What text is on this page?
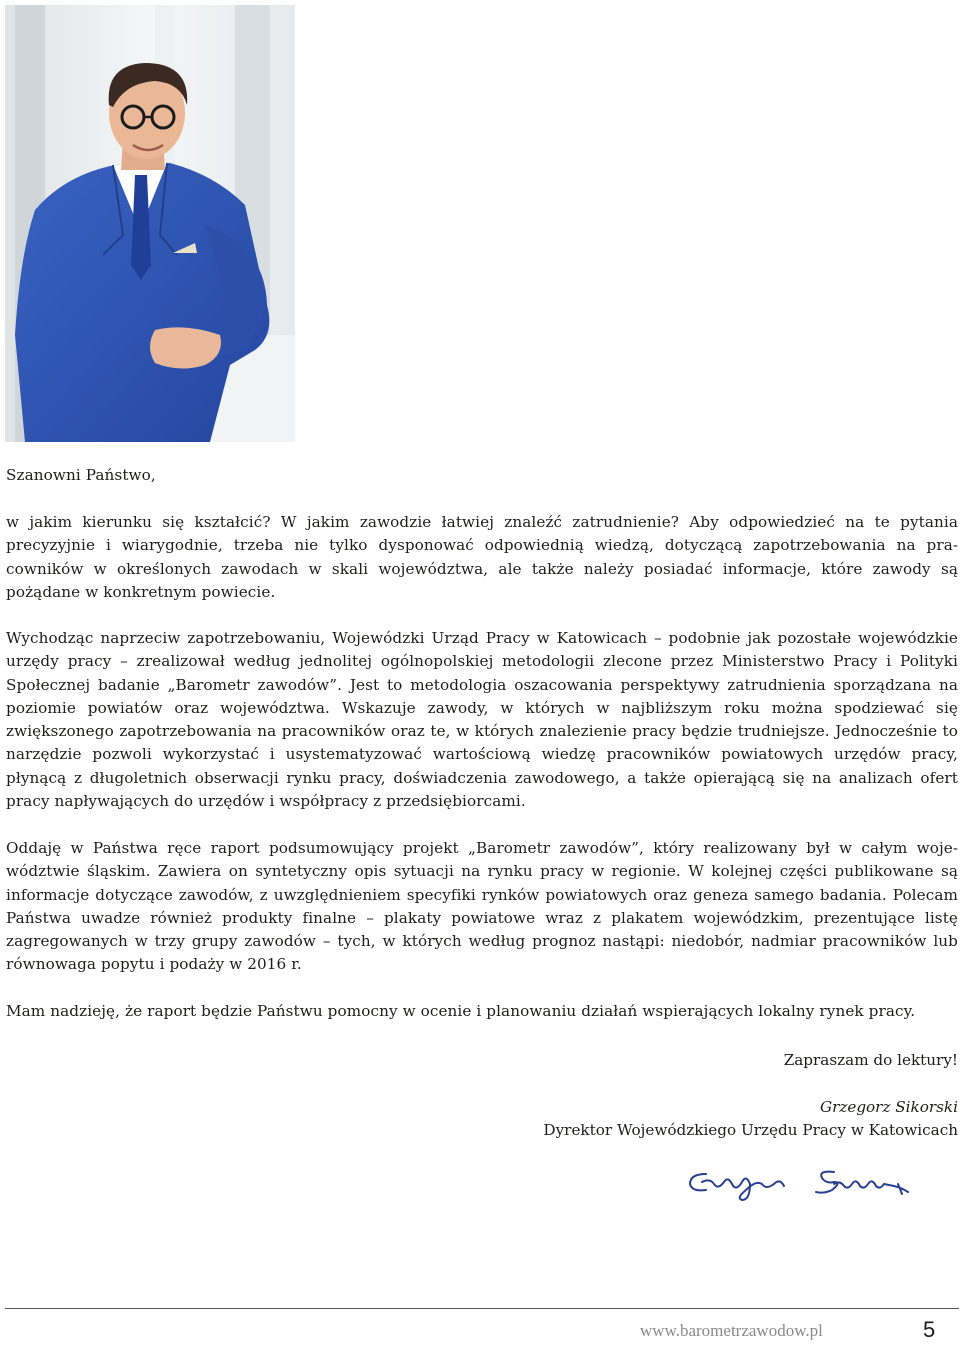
Szanowni Państwo,

w jakim kierunku się kształcić? W jakim zawodzie łatwiej znaleźć zatrudnienie? Aby odpowiedzieć na te pytania precyzyjnie i wiarygodnie, trzeba nie tylko dysponować odpowiednią wiedzą, dotyczącą zapotrzebowania na pracowników w określonych zawodach w skali województwa, ale także należy posiadać informacje, które zawody są pożądane w konkretnym powiecie.

Wychodząc naprzeciw zapotrzebowaniu, Wojewódzki Urząd Pracy w Katowicach – podobnie jak pozostałe wojewódzkie urzędy pracy – zrealizował według jednolitej ogólnopolskiej metodologii zlecone przez Ministerstwo Pracy i Polityki Społecznej badanie „Barometr zawodów”. Jest to metodologia oszacowania perspektywy zatrudnienia sporządzana na poziomie powiatów oraz województwa. Wskazuje zawody, w których w najbliższym roku można spodziewać się zwiększonego zapotrzebowania na pracowników oraz te, w których znalezienie pracy będzie trudniejsze. Jednocześnie to narzędzie pozwoli wykorzystać i usystematyzować wartościową wiedzę pracowników powiatowych urzędów pracy, płynącą z długoletnich obserwacji rynku pracy, doświadczenia zawodowego, a także opierającą się na analizach ofert pracy napływających do urzędów i współpracy z przedsiębiorcami.

Oddaję w Państwa ręce raport podsumowujący projekt „Barometr zawodów”, który realizowany był w całym województwie śląskim. Zawiera on syntetyczny opis sytuacji na rynku pracy w regionie. W kolejnej części publikowane są informacje dotyczące zawodów, z uwzględnieniem specyfiki rynków powiatowych oraz geneza samego badania. Polecam Państwa uwadze również produkty finalne – plakaty powiatowe wraz z plakatem wojewódzkim, prezentujące listę zagregowanych w trzy grupy zawodów – tych, w których według prognoz nastąpi: niedobór, nadmiar pracowników lub równowaga popytu i podaży w 2016 r.

Mam nadzieję, że raport będzie Państwu pomocny w ocenie i planowaniu działań wspierających lokalny rynek pracy.

Zapraszam do lektury!
Grzegorz Sikorski
Dyrektor Wojewódzkiego Urzędu Pracy w Katowicach
www.barometrzawodow.pl	5
